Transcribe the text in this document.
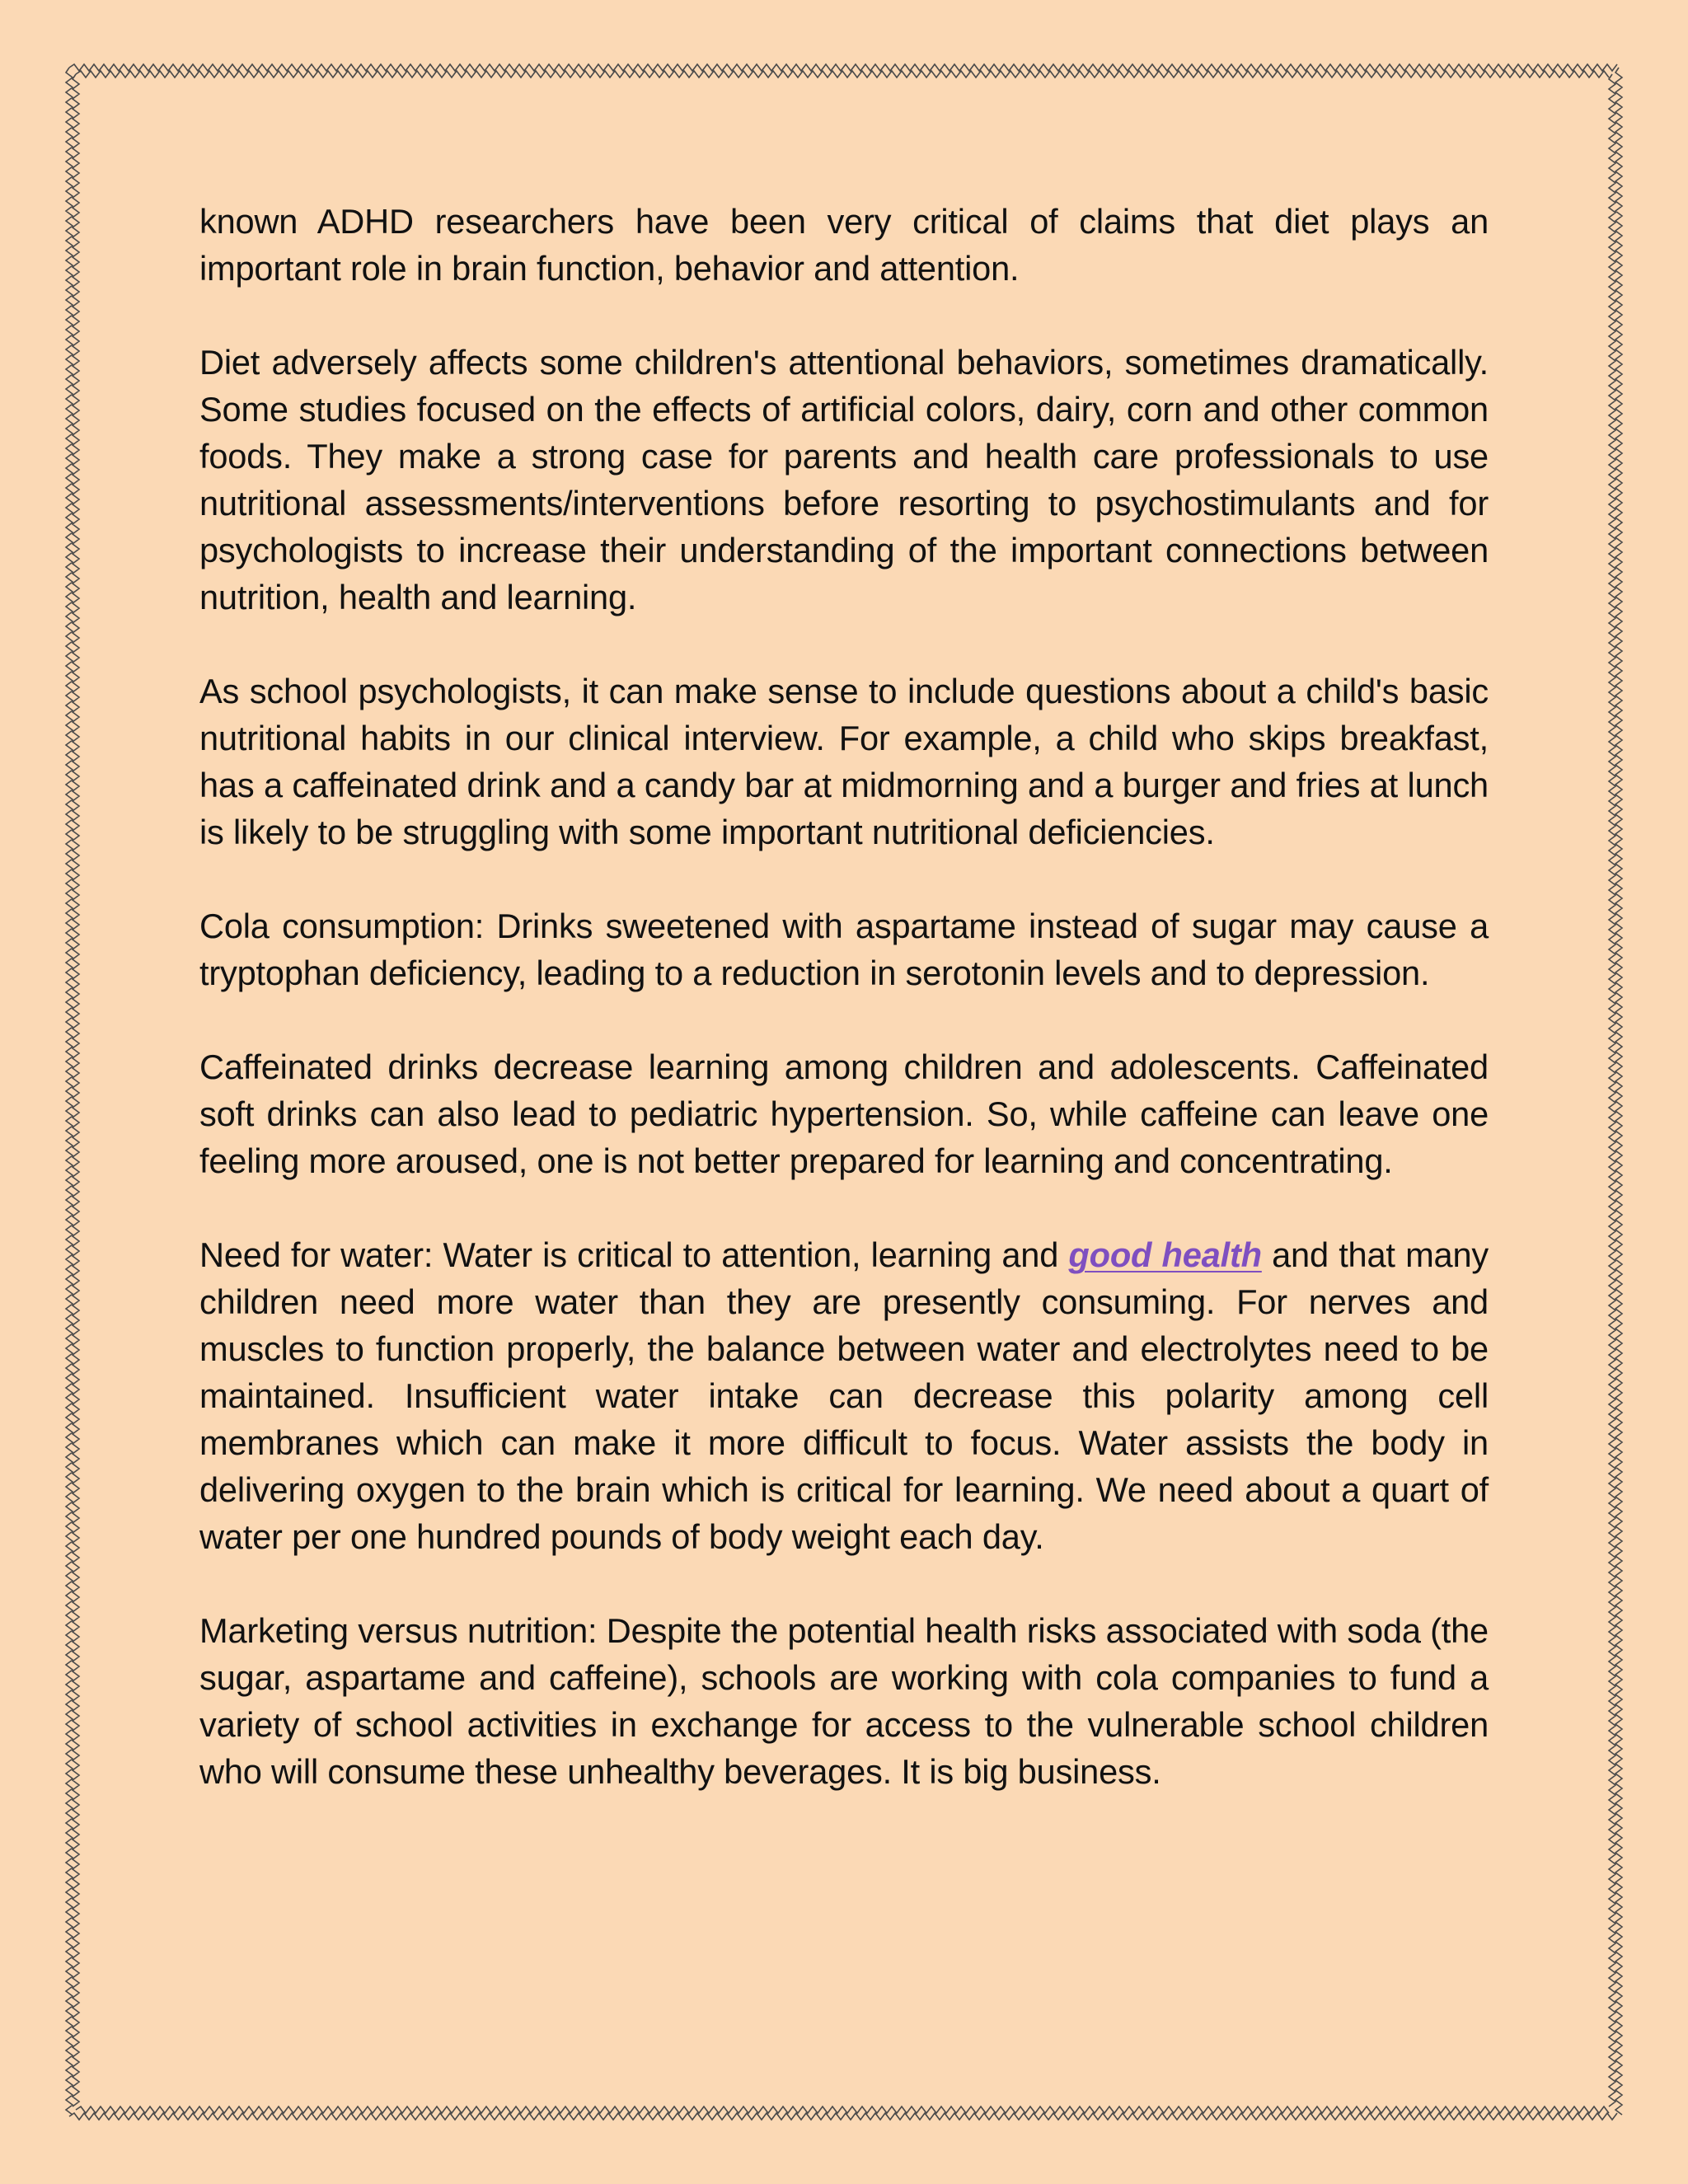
known ADHD researchers have been very critical of claims that diet plays an important role in brain function, behavior and attention.

Diet adversely affects some children's attentional behaviors, sometimes dramatically. Some studies focused on the effects of artificial colors, dairy, corn and other common foods. They make a strong case for parents and health care professionals to use nutritional assessments/interventions before resorting to psychostimulants and for psychologists to increase their understanding of the important connections between nutrition, health and learning.

As school psychologists, it can make sense to include questions about a child's basic nutritional habits in our clinical interview. For example, a child who skips breakfast, has a caffeinated drink and a candy bar at midmorning and a burger and fries at lunch is likely to be struggling with some important nutritional deficiencies.

Cola consumption: Drinks sweetened with aspartame instead of sugar may cause a tryptophan deficiency, leading to a reduction in serotonin levels and to depression.

Caffeinated drinks decrease learning among children and adolescents. Caffeinated soft drinks can also lead to pediatric hypertension. So, while caffeine can leave one feeling more aroused, one is not better prepared for learning and concentrating.

Need for water: Water is critical to attention, learning and good health and that many children need more water than they are presently consuming. For nerves and muscles to function properly, the balance between water and electrolytes need to be maintained. Insufficient water intake can decrease this polarity among cell membranes which can make it more difficult to focus. Water assists the body in delivering oxygen to the brain which is critical for learning. We need about a quart of water per one hundred pounds of body weight each day.

Marketing versus nutrition: Despite the potential health risks associated with soda (the sugar, aspartame and caffeine), schools are working with cola companies to fund a variety of school activities in exchange for access to the vulnerable school children who will consume these unhealthy beverages. It is big business.
